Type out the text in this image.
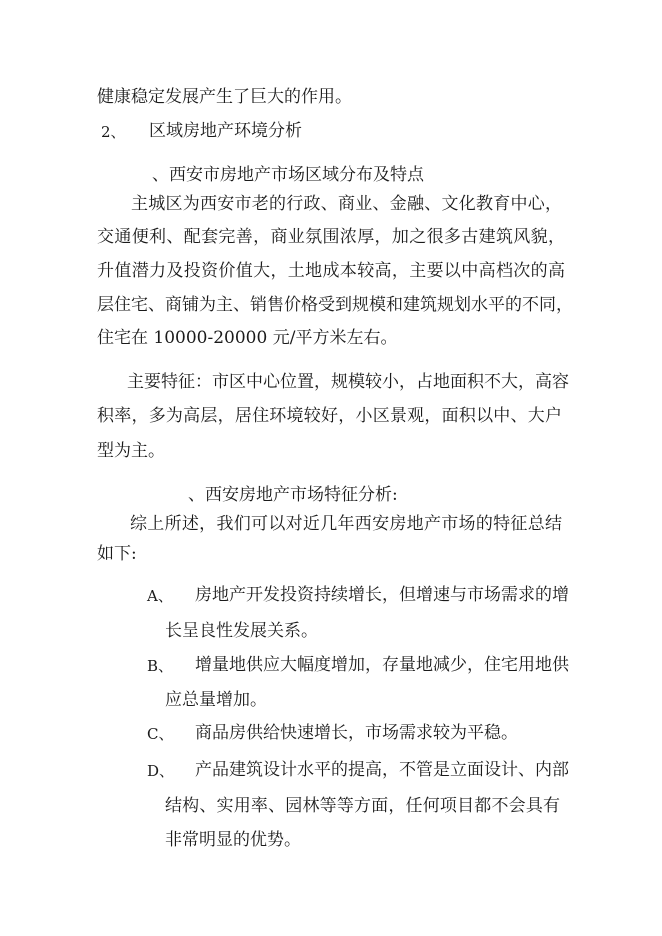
健康稳定发展产生了巨大的作用。
2、 区域房地产环境分析
、西安市房地产市场区域分布及特点
主城区为西安市老的行政、商业、金融、文化教育中心，
交通便利、配套完善，商业氛围浓厚，加之很多古建筑风貌，
升值潜力及投资价值大，土地成本较高，主要以中高档次的高
层住宅、商铺为主、销售价格受到规模和建筑规划水平的不同，
住宅在 10000-20000 元/平方米左右。
主要特征：市区中心位置，规模较小，占地面积不大，高容
积率，多为高层，居住环境较好，小区景观，面积以中、大户
型为主。
、西安房地产市场特征分析:
综上所述，我们可以对近几年西安房地产市场的特征总结
如下:
A、 房地产开发投资持续增长，但增速与市场需求的增
长呈良性发展关系。
B、 增量地供应大幅度增加，存量地减少，住宅用地供
应总量增加。
C、 商品房供给快速增长，市场需求较为平稳。
D、 产品建筑设计水平的提高，不管是立面设计、内部
结构、实用率、园林等等方面，任何项目都不会具有
非常明显的优势。
